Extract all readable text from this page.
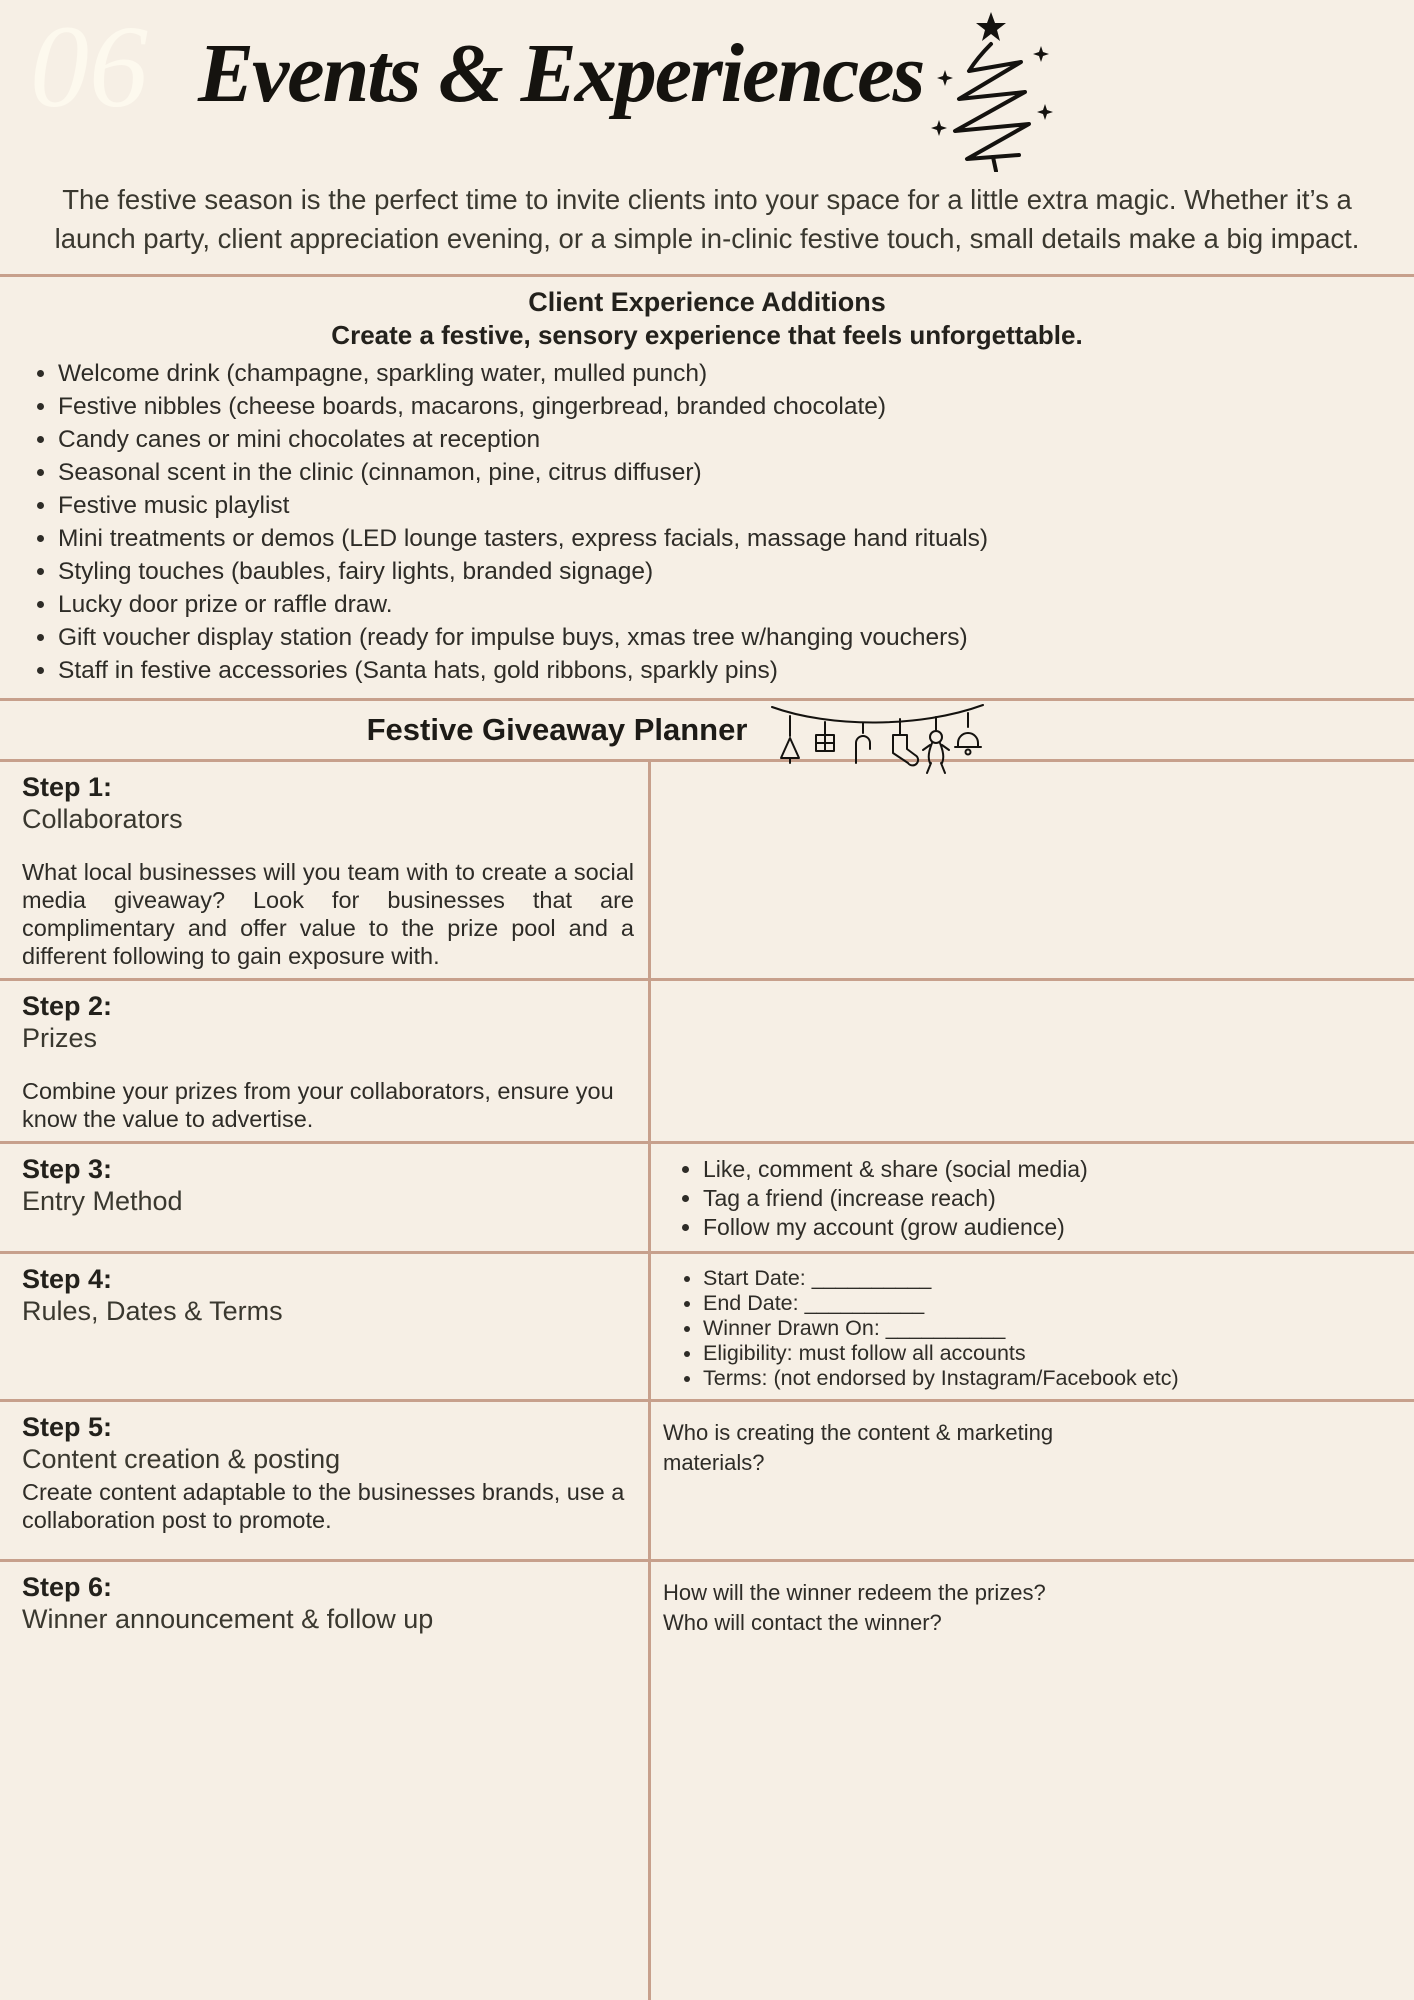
06 Events & Experiences

The festive season is the perfect time to invite clients into your space for a little extra magic. Whether it’s a launch party, client appreciation evening, or a simple in-clinic festive touch, small details make a big impact.

Client Experience Additions
Create a festive, sensory experience that feels unforgettable.
• Welcome drink (champagne, sparkling water, mulled punch)
• Festive nibbles (cheese boards, macarons, gingerbread, branded chocolate)
• Candy canes or mini chocolates at reception
• Seasonal scent in the clinic (cinnamon, pine, citrus diffuser)
• Festive music playlist
• Mini treatments or demos (LED lounge tasters, express facials, massage hand rituals)
• Styling touches (baubles, fairy lights, branded signage)
• Lucky door prize or raffle draw.
• Gift voucher display station (ready for impulse buys, xmas tree w/hanging vouchers)
• Staff in festive accessories (Santa hats, gold ribbons, sparkly pins)
Festive Giveaway Planner
Step 1:
Collaborators

What local businesses will you team with to create a social media giveaway? Look for businesses that are complimentary and offer value to the prize pool and a different following to gain exposure with.

Step 2:
Prizes

Combine your prizes from your collaborators, ensure you know the value to advertise.

Step 3:
Entry Method
• Like, comment & share (social media)
• Tag a friend (increase reach)
• Follow my account (grow audience)
Step 4:
Rules, Dates & Terms
• Start Date: __________
• End Date: __________
• Winner Drawn On: __________
• Eligibility: must follow all accounts
• Terms: (not endorsed by Instagram/Facebook etc)
Step 5:
Content creation & posting

Create content adaptable to the businesses brands, use a collaboration post to promote.

Who is creating the content & marketing materials?

Step 6:
Winner announcement & follow up

How will the winner redeem the prizes? Who will contact the winner?
